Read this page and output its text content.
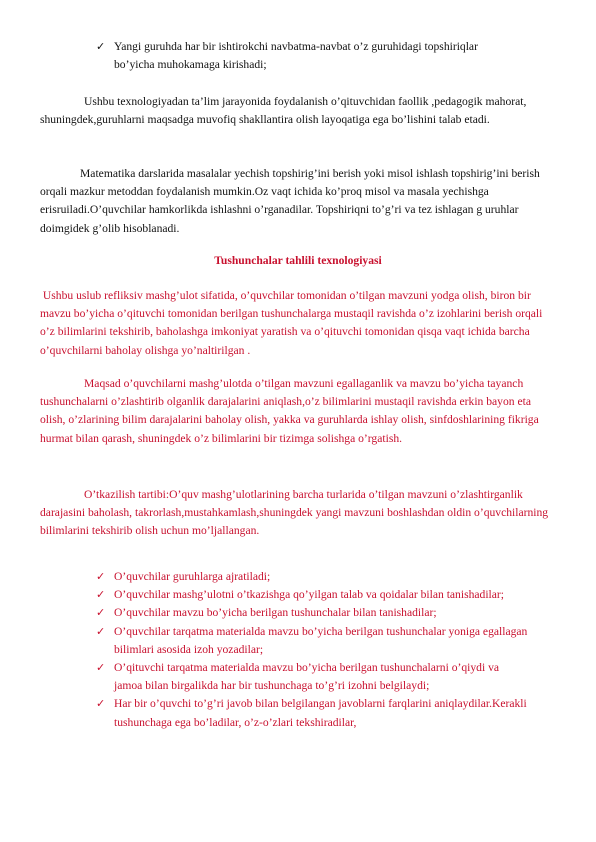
✓ Yangi guruhda har bir ishtirokchi navbatma-navbat o’z guruhidagi topshiriqlar bo’yicha muhokamaga kirishadi;

Ushbu texnologiyadan ta’lim jarayonida foydalanish o’qituvchidan faollik ,pedagogik mahorat, shuningdek,guruhlarni maqsadga muvofiq shakllantira olish layoqatiga ega bo’lishini talab etadi.

Matematika darslarida masalalar yechish topshirig’ini berish yoki misol ishlash topshirig’ini berish orqali mazkur metoddan foydalanish mumkin.Oz vaqt ichida ko’proq misol va masala yechishga erisruiladi.O’quvchilar hamkorlikda ishlashni o’rganadilar. Topshiriqni to’g’ri va tez ishlagan g uruhlar doimgidek g’olib hisoblanadi.

Tushunchalar tahlili texnologiyasi

Ushbu uslub refliksiv mashg’ulot sifatida, o’quvchilar tomonidan o’tilgan mavzuni yodga olish, biron bir mavzu bo’yicha o’qituvchi tomonidan berilgan tushunchalarga mustaqil ravishda o’z izohlarini berish orqali o’z bilimlarini tekshirib, baholashga imkoniyat yaratish va o’qituvchi tomonidan qisqa vaqt ichida barcha o’quvchilarni baholay olishga yo’naltirilgan .

Maqsad o’quvchilarni mashg’ulotda o’tilgan mavzuni egallaganlik va mavzu bo’yicha tayanch tushunchalarni o’zlashtirib olganlik darajalarini aniqlash,o’z bilimlarini mustaqil ravishda erkin bayon eta olish, o’zlarining bilim darajalarini baholay olish, yakka va guruhlarda ishlay olish, sinfdoshlarining fikriga hurmat bilan qarash, shuningdek o’z bilimlarini bir tizimga solishga o’rgatish.

O’tkazilish tartibi:O’quv mashg’ulotlarining barcha turlarida o’tilgan mavzuni o’zlashtirganlik darajasini baholash, takrorlash,mustahkamlash,shuningdek yangi mavzuni boshlashdan oldin o’quvchilarning bilimlarini tekshirib olish uchun mo’ljallangan.

✓ O’quvchilar guruhlarga ajratiladi;
✓ O’quvchilar mashg’ulotni o’tkazishga qo’yilgan talab va qoidalar bilan tanishadilar;
✓ O’quvchilar mavzu bo’yicha berilgan tushunchalar bilan tanishadilar;
✓ O’quvchilar tarqatma materialda mavzu bo’yicha berilgan tushunchalar yoniga egallagan bilimlari asosida izoh yozadilar;
✓ O’qituvchi tarqatma materialda mavzu bo’yicha berilgan tushunchalarni o’qiydi va jamoa bilan birgalikda har bir tushunchaga to’g’ri izohni belgilaydi;
✓ Har bir o’quvchi to’g’ri javob bilan belgilangan javoblarni farqlarini aniqlaydilar.Kerakli tushunchaga ega bo’ladilar, o’z-o’zlari tekshiradilar,
